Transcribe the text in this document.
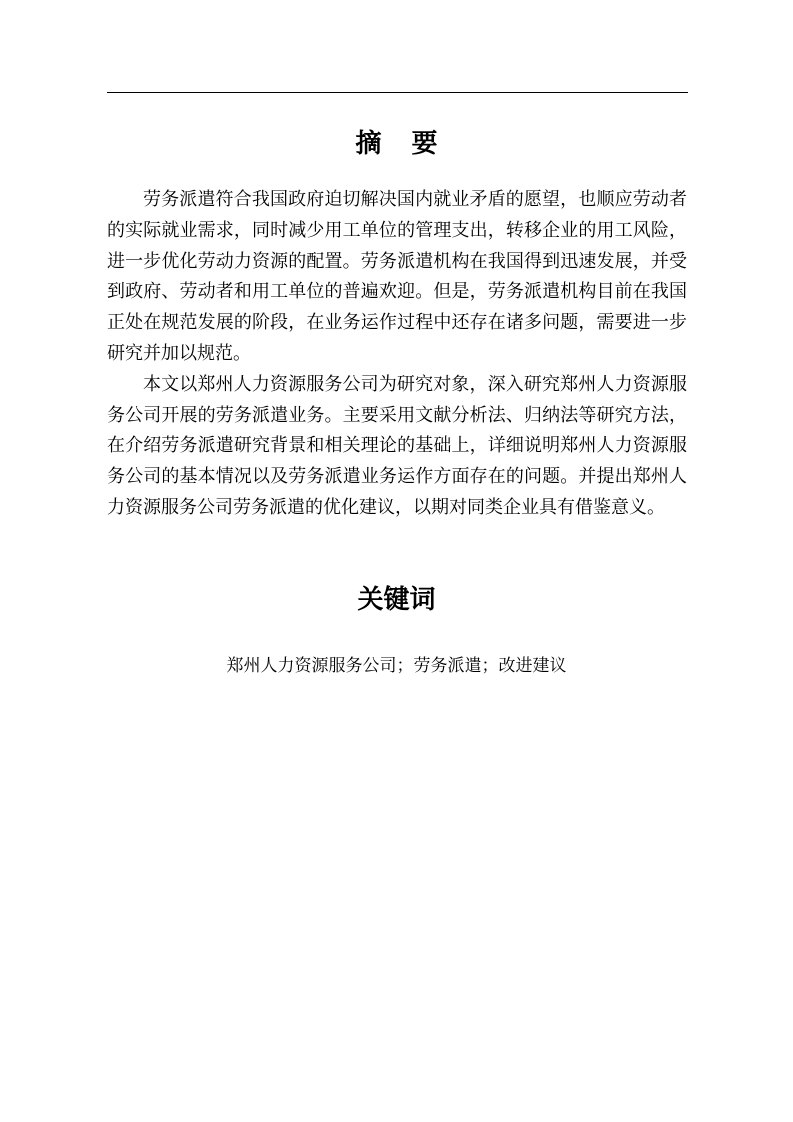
摘要

劳务派遣符合我国政府迫切解决国内就业矛盾的愿望，也顺应劳动者的实际就业需求，同时减少用工单位的管理支出，转移企业的用工风险，进一步优化劳动力资源的配置。劳务派遣机构在我国得到迅速发展，并受到政府、劳动者和用工单位的普遍欢迎。但是，劳务派遣机构目前在我国正处在规范发展的阶段，在业务运作过程中还存在诸多问题，需要进一步研究并加以规范。

本文以郑州人力资源服务公司为研究对象，深入研究郑州人力资源服务公司开展的劳务派遣业务。主要采用文献分析法、归纳法等研究方法，在介绍劳务派遣研究背景和相关理论的基础上，详细说明郑州人力资源服务公司的基本情况以及劳务派遣业务运作方面存在的问题。并提出郑州人力资源服务公司劳务派遣的优化建议，以期对同类企业具有借鉴意义。

关键词
郑州人力资源服务公司；劳务派遣；改进建议
